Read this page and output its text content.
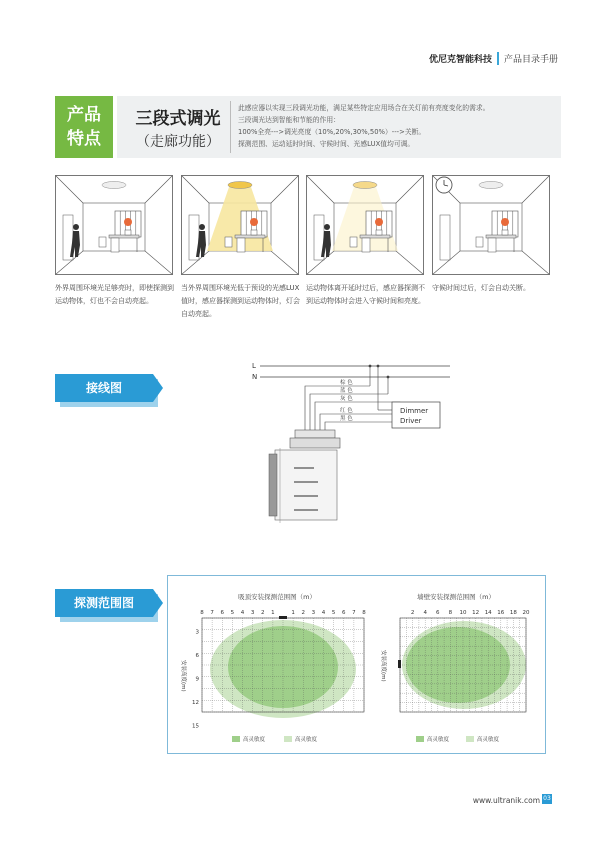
优尼克智能科技 产品目录手册
产品
特点
三段式调光
（走廊功能）
此感应器以实现三段调光功能，满足某些特定应用场合在关灯前有亮度变化的需求。
三段调光达到智能和节能的作用：
100%全亮--->调光亮度（10%,20%,30%,50%）--->关断。
探测范围、运动延时时间、守候时间、光感LUX值均可调。
外界周围环境光足够亮时，即使探测到运动物体，灯也不会自动亮起。
当外界周围环境光低于预设的光感LUX值时，感应器探测到运动物体时，灯会自动亮起。
运动物体离开延时过后，感应器探测不到运动物体时会进入守候时间和亮度。
守候时间过后，灯会自动关断。
接线图
L
N
棕 色
蓝 色
灰 色
红 色
黑 色
Dimmer
Driver
探测范围图	吸顶安装探测范围图（m）
8 7 6 5 4 3 2 1	1 2 3 4 5 6 7 8
3
6
9
12
15
安装高度(m)
高灵敏度	高灵敏度
墙壁安装探测范围图（m）
2 4 6 8 10 12 14 16 18 20
安装高度(m)
高灵敏度	高灵敏度
www.ultranik.com 03
